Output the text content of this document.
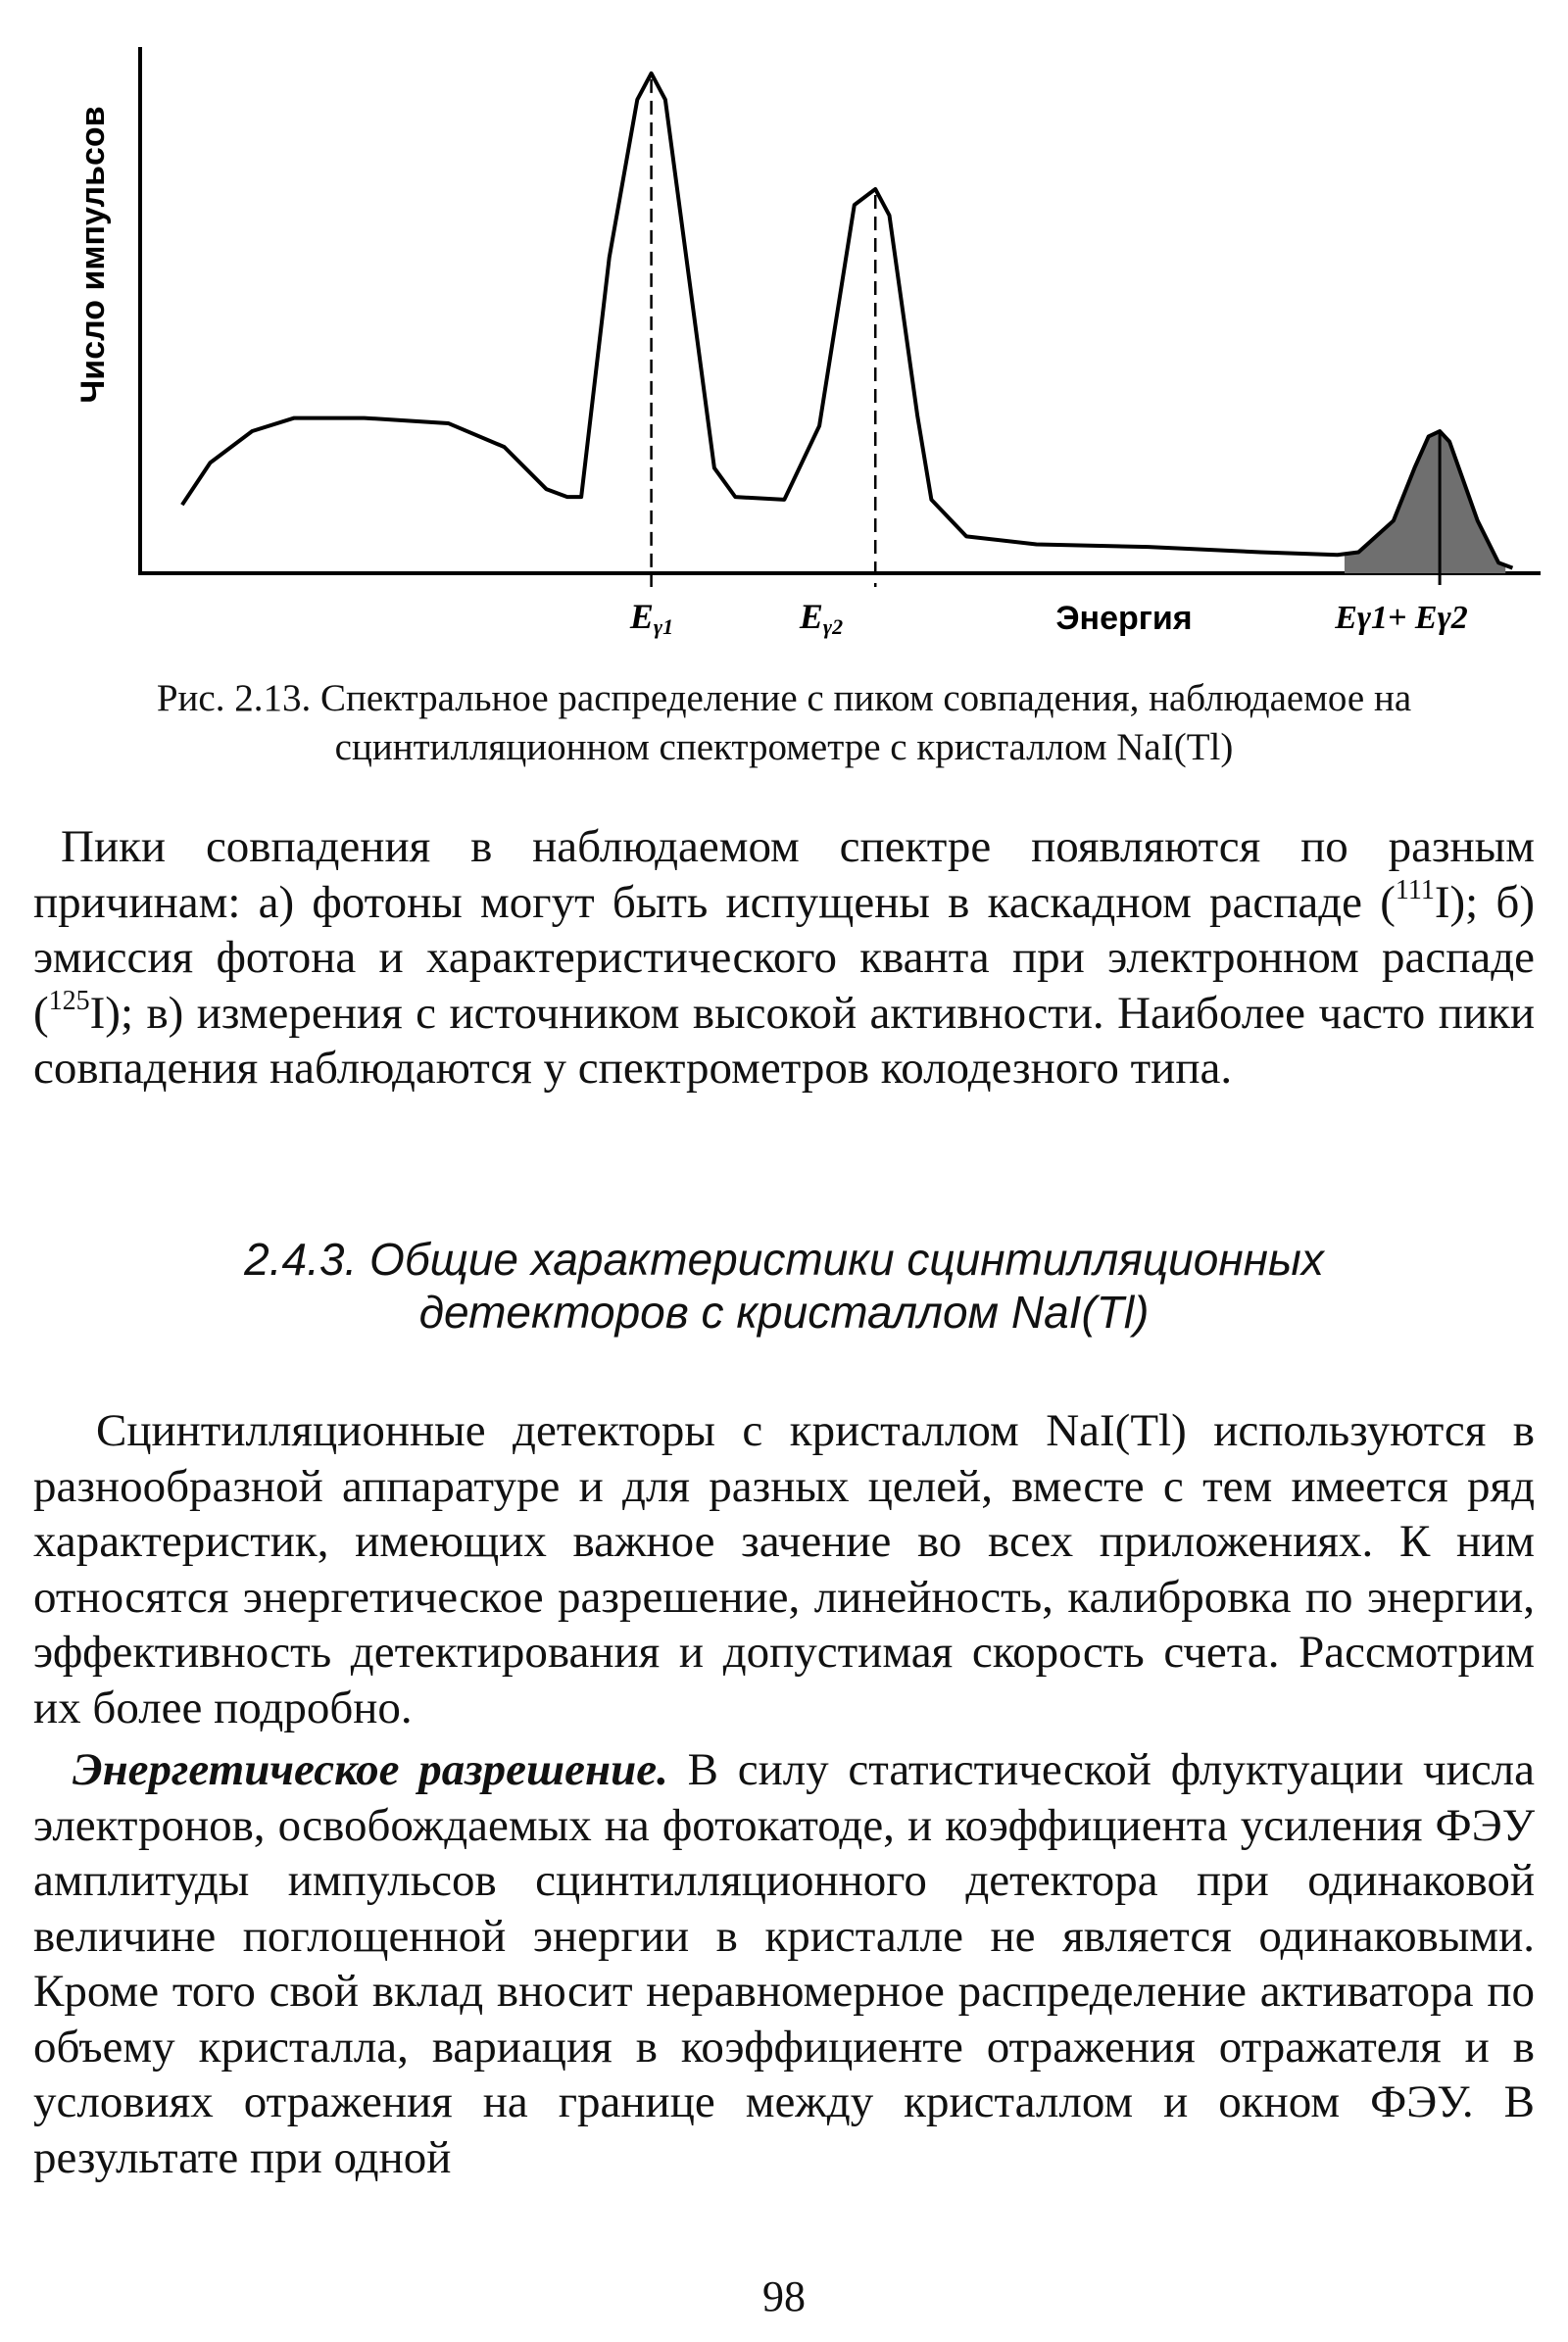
Число импульсов
Энергия
Eγ1	Eγ2	Eγ1+ Eγ2
Рис. 2.13. Спектральное распределение с пиком совпадения, наблюдаемое на
сцинтилляционном спектрометре с кристаллом NaI(Tl)

Пики совпадения в наблюдаемом спектре появляются по разным причинам: а) фотоны могут быть испущены в каскадном распаде ($^{111}$I); б) эмиссия фотона и характеристического кванта при электронном распаде ($^{125}$I); в) измерения с источником высокой активности. Наиболее часто пики совпадения наблюдаются у спектрометров колодезного типа.

2.4.3. Общие характеристики сцинтилляционных
детекторов с кристаллом NaI(Tl)

Сцинтилляционные детекторы с кристаллом NaI(Tl) используются в разнообразной аппаратуре и для разных целей, вместе с тем имеется ряд характеристик, имеющих важное зачение во всех приложениях. К ним относятся энергетическое разрешение, линейность, калибровка по энергии, эффективность детектирования и допустимая скорость счета. Рассмотрим их более подробно.

Энергетическое разрешение. В силу статистической флуктуации числа электронов, освобождаемых на фотокатоде, и коэффициента усиления ФЭУ амплитуды импульсов сцинтилляционного детектора при одинаковой величине поглощенной энергии в кристалле не является одинаковыми. Кроме того свой вклад вносит неравномерное распределение активатора по объему кристалла, вариация в коэффициенте отражения отражателя и в условиях отражения на границе между кристаллом и окном ФЭУ. В результате при одной

98
